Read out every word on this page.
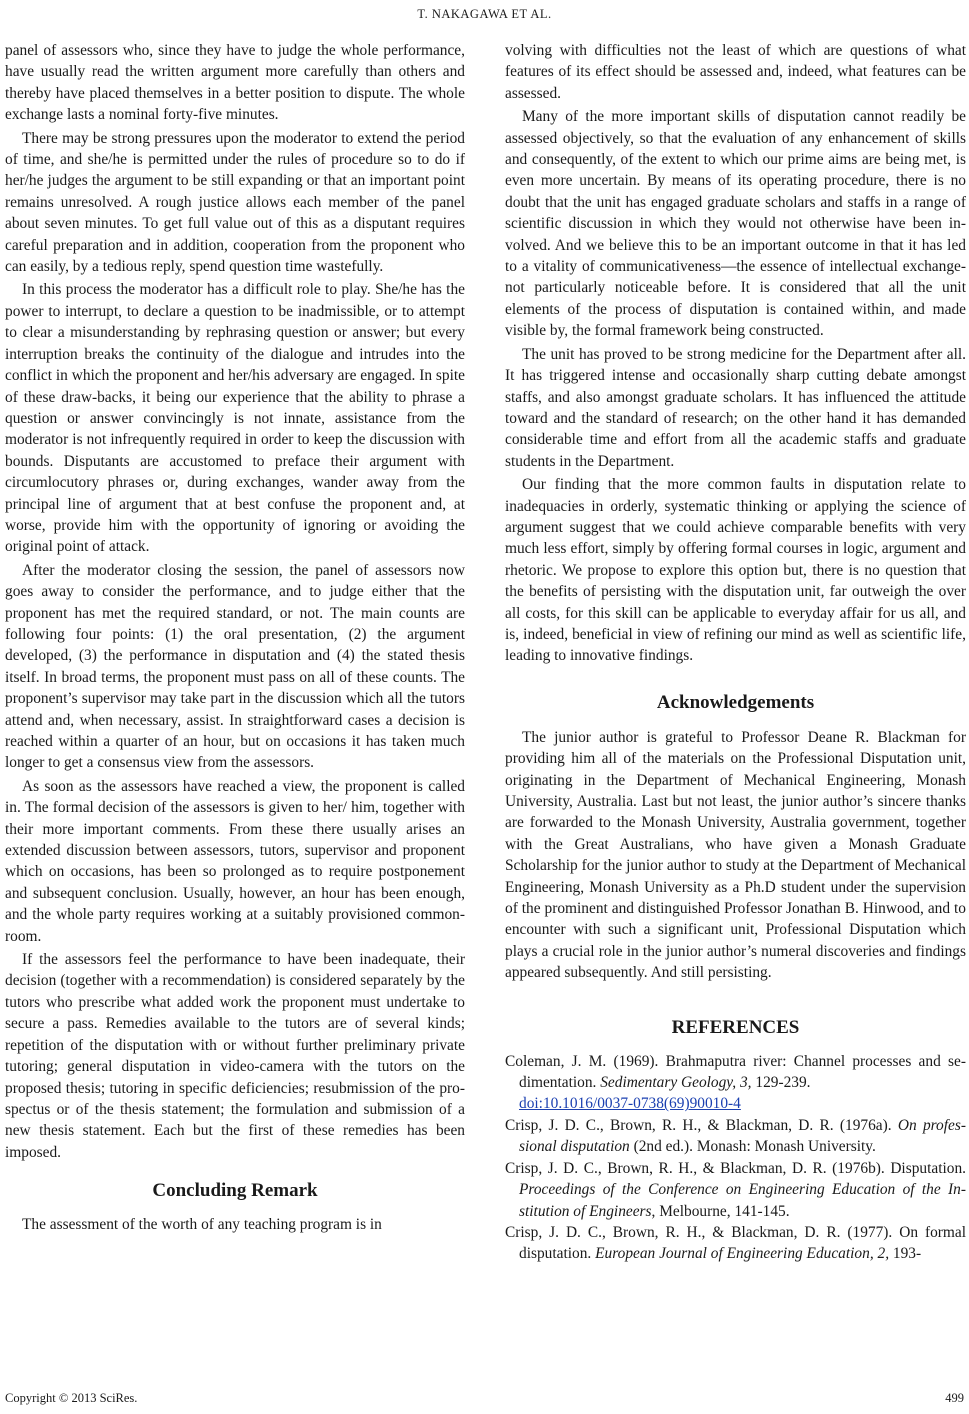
T. NAKAGAWA ET AL.

panel of assessors who, since they have to judge the whole performance, have usually read the written argument more carefully than others and thereby have placed themselves in a better position to dispute. The whole exchange lasts a nominal forty-five minutes.

There may be strong pressures upon the moderator to extend the period of time, and she/he is permitted under the rules of procedure so to do if her/he judges the argument to be still expanding or that an important point remains unresolved. A rough justice allows each member of the panel about seven minutes. To get full value out of this as a disputant requires careful preparation and in addition, cooperation from the proponent who can easily, by a tedious reply, spend question time wastefully.

In this process the moderator has a difficult role to play. She/he has the power to interrupt, to declare a question to be inadmissible, or to attempt to clear a misunderstanding by rephrasing question or answer; but every interruption breaks the continuity of the dialogue and intrudes into the conflict in which the proponent and her/his adversary are engaged. In spite of these draw-backs, it being our experience that the ability to phrase a question or answer convincingly is not innate, assistance from the moderator is not infrequently required in order to keep the discussion with bounds. Disputants are accustomed to preface their argument with circumlocutory phrases or, during exchanges, wander away from the principal line of argument that at best confuse the proponent and, at worse, provide him with the opportunity of ignoring or avoiding the original point of attack.

After the moderator closing the session, the panel of assessors now goes away to consider the performance, and to judge either that the proponent has met the required standard, or not. The main counts are following four points: (1) the oral presentation, (2) the argument developed, (3) the performance in disputation and (4) the stated thesis itself. In broad terms, the proponent must pass on all of these counts. The proponent’s supervisor may take part in the discussion which all the tutors attend and, when necessary, assist. In straightforward cases a decision is reached within a quarter of an hour, but on occasions it has taken much longer to get a consensus view from the assessors.

As soon as the assessors have reached a view, the proponent is called in. The formal decision of the assessors is given to her/ him, together with their more important comments. From these there usually arises an extended discussion between assessors, tutors, supervisor and proponent which on occasions, has been so prolonged as to require postponement and subsequent conclusion. Usually, however, an hour has been enough, and the whole party requires working at a suitably provisioned common-room.

If the assessors feel the performance to have been inadequate, their decision (together with a recommendation) is considered separately by the tutors who prescribe what added work the proponent must undertake to secure a pass. Remedies available to the tutors are of several kinds; repetition of the disputation with or without further preliminary private tutoring; general disputation in video-camera with the tutors on the proposed thesis; tutoring in specific deficiencies; resubmission of the prospectus or of the thesis statement; the formulation and submission of a new thesis statement. Each but the first of these remedies has been imposed.

Concluding Remark

The assessment of the worth of any teaching program is in

volving with difficulties not the least of which are questions of what features of its effect should be assessed and, indeed, what features can be assessed.

Many of the more important skills of disputation cannot readily be assessed objectively, so that the evaluation of any enhancement of skills and consequently, of the extent to which our prime aims are being met, is even more uncertain. By means of its operating procedure, there is no doubt that the unit has engaged graduate scholars and staffs in a range of scientific discussion in which they would not otherwise have been involved. And we believe this to be an important outcome in that it has led to a vitality of communicativeness—the essence of intellectual exchange-not particularly noticeable before. It is considered that all the unit elements of the process of disputation is contained within, and made visible by, the formal framework being constructed.

The unit has proved to be strong medicine for the Department after all. It has triggered intense and occasionally sharp cutting debate amongst staffs, and also amongst graduate scholars. It has influenced the attitude toward and the standard of research; on the other hand it has demanded considerable time and effort from all the academic staffs and graduate students in the Department.

Our finding that the more common faults in disputation relate to inadequacies in orderly, systematic thinking or applying the science of argument suggest that we could achieve comparable benefits with very much less effort, simply by offering formal courses in logic, argument and rhetoric. We propose to explore this option but, there is no question that the benefits of persisting with the disputation unit, far outweigh the over all costs, for this skill can be applicable to everyday affair for us all, and is, indeed, beneficial in view of refining our mind as well as scientific life, leading to innovative findings.

Acknowledgements

The junior author is grateful to Professor Deane R. Blackman for providing him all of the materials on the Professional Disputation unit, originating in the Department of Mechanical Engineering, Monash University, Australia. Last but not least, the junior author’s sincere thanks are forwarded to the Monash University, Australia government, together with the Great Australians, who have given a Monash Graduate Scholarship for the junior author to study at the Department of Mechanical Engineering, Monash University as a Ph.D student under the supervision of the prominent and distinguished Professor Jonathan B. Hinwood, and to encounter with such a significant unit, Professional Disputation which plays a crucial role in the junior author’s numeral discoveries and findings appeared subsequently. And still persisting.

REFERENCES

Coleman, J. M. (1969). Brahmaputra river: Channel processes and sedimentation. Sedimentary Geology, 3, 129-239.
doi:10.1016/0037-0738(69)90010-4

Crisp, J. D. C., Brown, R. H., & Blackman, D. R. (1976a). On professional disputation (2nd ed.). Monash: Monash University.

Crisp, J. D. C., Brown, R. H., & Blackman, D. R. (1976b). Disputation. Proceedings of the Conference on Engineering Education of the Institution of Engineers, Melbourne, 141-145.

Crisp, J. D. C., Brown, R. H., & Blackman, D. R. (1977). On formal disputation. European Journal of Engineering Education, 2, 193-

Copyright © 2013 SciRes.	499
